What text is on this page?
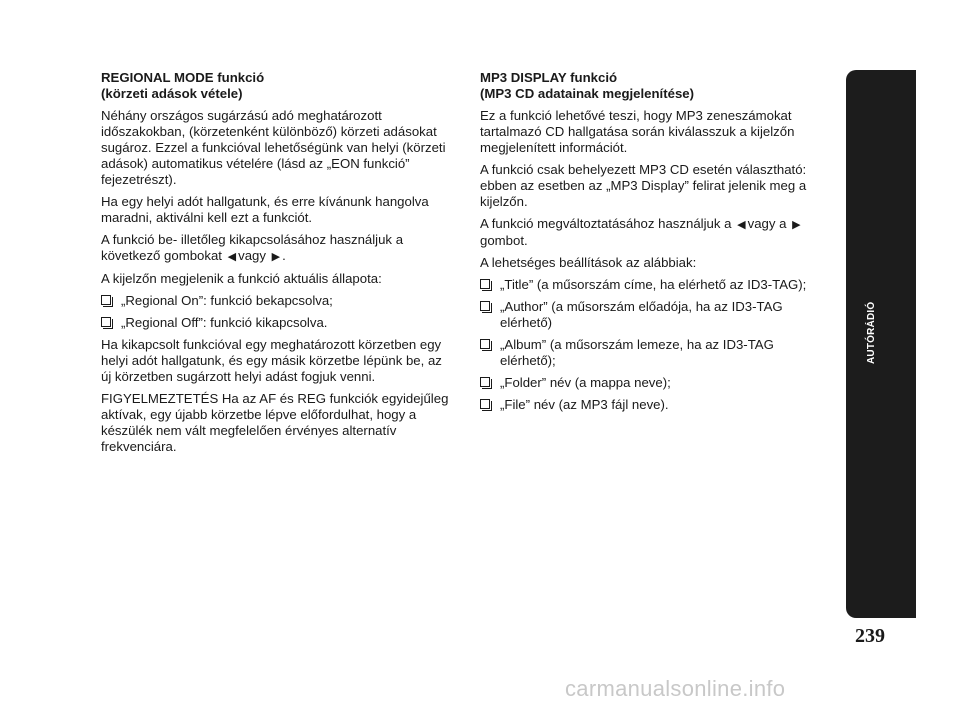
REGIONAL MODE funkció
(körzeti adások vétele)

Néhány országos sugárzású adó meghatározott időszakokban, (körzetenként különböző) körzeti adásokat sugároz. Ezzel a funkcióval lehetőségünk van helyi (körzeti adások) automatikus vételére (lásd az „EON funkció” fejezetrészt).

Ha egy helyi adót hallgatunk, és erre kívánunk hangolva maradni, aktiválni kell ezt a funkciót.

A funkció be- illetőleg kikapcsolásához használjuk a következő gombokat ◀ vagy ▶ .

A kijelzőn megjelenik a funkció aktuális állapota:

„Regional On”: funkció bekapcsolva;
„Regional Off”: funkció kikapcsolva.

Ha kikapcsolt funkcióval egy meghatározott körzetben egy helyi adót hallgatunk, és egy másik körzetbe lépünk be, az új körzetben sugárzott helyi adást fogjuk venni.

FIGYELMEZTETÉS Ha az AF és REG funkciók egyidejűleg aktívak, egy újabb körzetbe lépve előfordulhat, hogy a készülék nem vált megfelelően érvényes alternatív frekvenciára.

MP3 DISPLAY funkció
(MP3 CD adatainak megjelenítése)

Ez a funkció lehetővé teszi, hogy MP3 zeneszámokat tartalmazó CD hallgatása során kiválasszuk a kijelzőn megjelenített információt.

A funkció csak behelyezett MP3 CD esetén választható: ebben az esetben az „MP3 Display” felirat jelenik meg a kijelzőn.

A funkció megváltoztatásához használjuk a ◀ vagy a ▶
gombot.

A lehetséges beállítások az alábbiak:

„Title” (a műsorszám címe, ha elérhető az ID3-TAG);
„Author” (a műsorszám előadója, ha az ID3-TAG elérhető)
„Album” (a műsorszám lemeze, ha az ID3-TAG elérhető);
„Folder” név (a mappa neve);
„File” név (az MP3 fájl neve).
AUTÓRÁDIÓ
239
carmanualsonline.info
